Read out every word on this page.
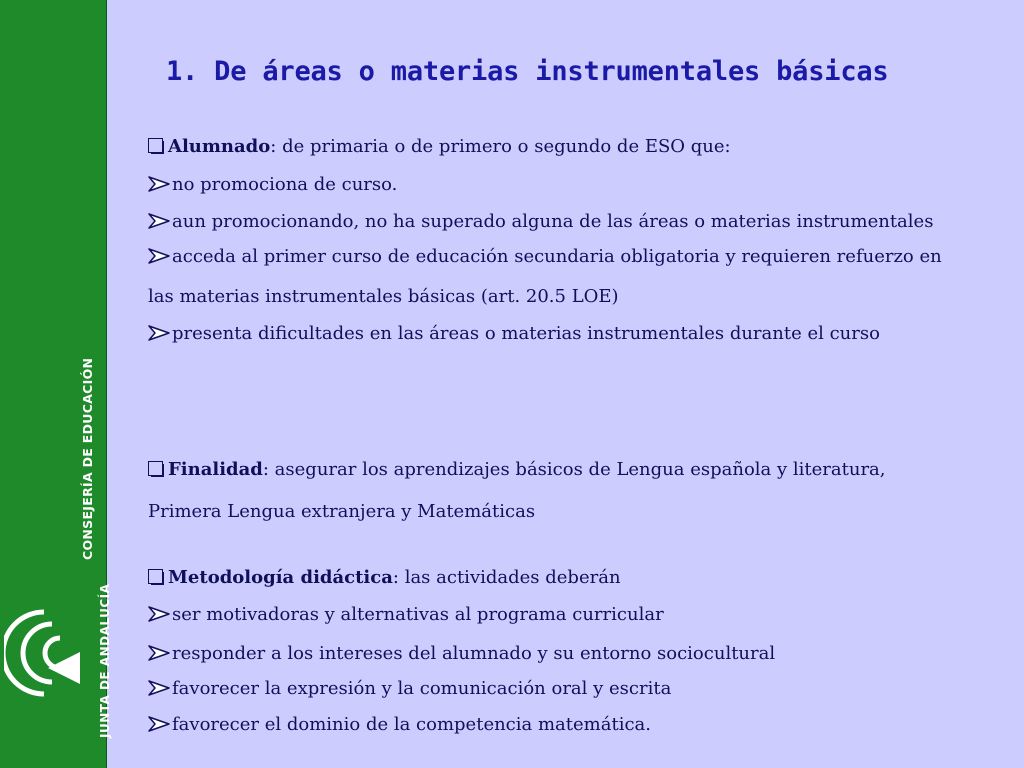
CONSEJERÍA DE EDUCACIÓN
JUNTA DE ANDALUCÍA
1. De áreas o materias instrumentales básicas
Alumnado: de primaria o de primero o segundo de ESO que:
no promociona de curso.
aun promocionando, no ha superado alguna de las áreas o materias instrumentales
acceda al primer curso de educación secundaria obligatoria y requieren refuerzo en
las materias instrumentales básicas (art. 20.5 LOE)
presenta dificultades en las áreas o materias instrumentales durante el curso
Finalidad: asegurar los aprendizajes básicos de Lengua española y literatura,
Primera Lengua extranjera y Matemáticas
Metodología didáctica: las actividades deberán
ser motivadoras y alternativas al programa curricular
responder a los intereses del alumnado y su entorno sociocultural
favorecer la expresión y la comunicación oral y escrita
favorecer el dominio de la competencia matemática.
